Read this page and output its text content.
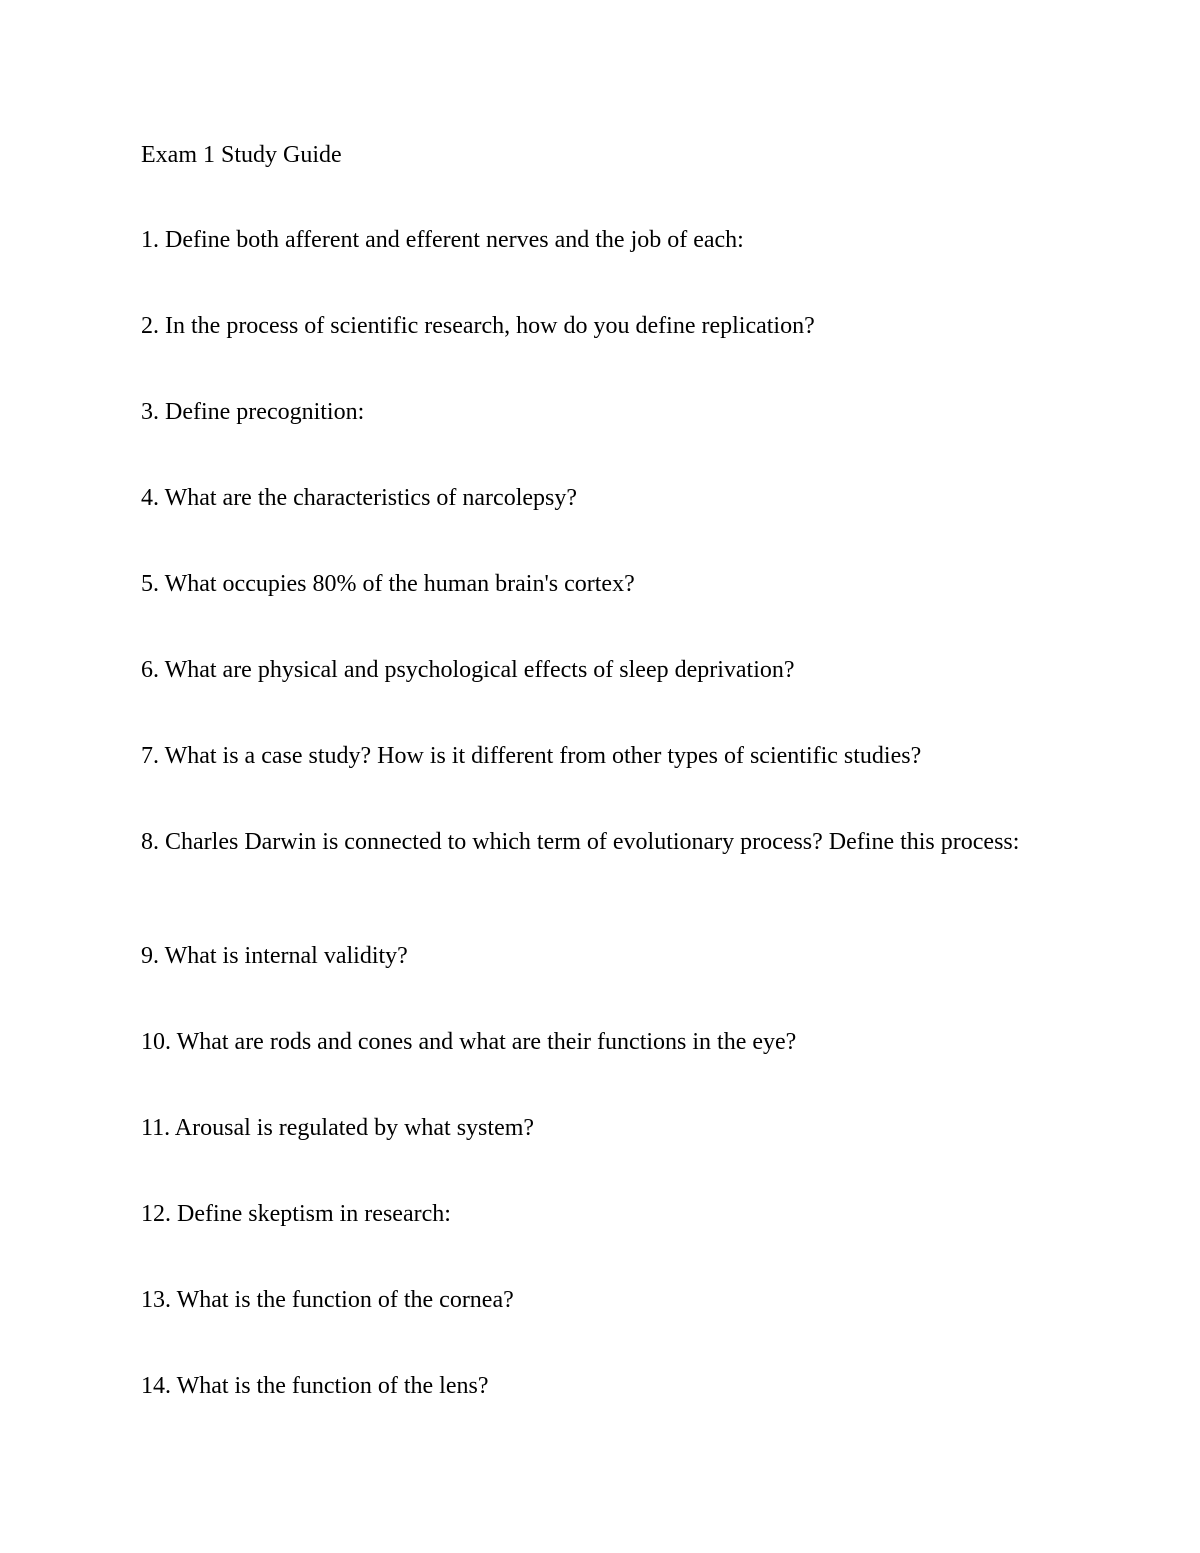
Exam 1 Study Guide
1. Define both afferent and efferent nerves and the job of each:
2. In the process of scientific research, how do you define replication?
3. Define precognition:
4. What are the characteristics of narcolepsy?
5. What occupies 80% of the human brain's cortex?
6. What are physical and psychological effects of sleep deprivation?
7. What is a case study? How is it different from other types of scientific studies?
8. Charles Darwin is connected to which term of evolutionary process? Define this process:
9. What is internal validity?
10. What are rods and cones and what are their functions in the eye?
11. Arousal is regulated by what system?
12. Define skeptism in research:
13. What is the function of the cornea?
14. What is the function of the lens?
